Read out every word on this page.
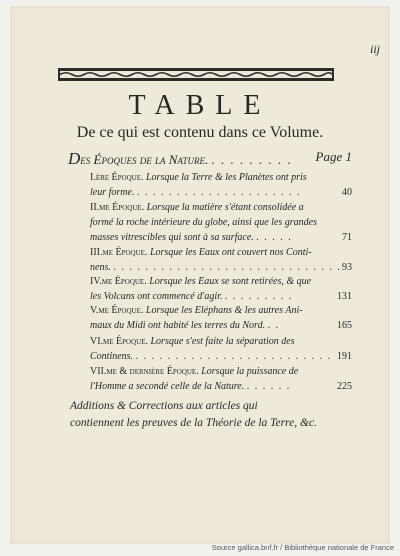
iij
TABLE
De ce qui est contenu dans ce Volume.
Des Époques de la Nature. . . . . . . . . . Page 1
I.ère Époque. Lorsque la Terre & les Planètes ont pris
leur forme. . . . . . . . . . . . . . . . . . . . . .	40
II.me Époque. Lorsque la matière s'étant consolidée a
formé la roche intérieure du globe, ainsi que les grandes
masses vitrescibles qui sont à sa surface. . . . . .	71
III.me Époque. Lorsque les Eaux ont couvert nos Conti-
nens. . . . . . . . . . . . . . . . . . . . . . . . . . . . . . 93
IV.me Époque. Lorsque les Eaux se sont retirées, & que
les Volcans ont commencé d'agir. . . . . . . . . .	131
V.me Époque. Lorsque les Eléphans & les autres Ani-
maux du Midi ont habité les terres du Nord. . .	165
VI.me Époque. Lorsque s'est faite la séparation des
Continens. . . . . . . . . . . . . . . . . . . . . . . . . . 191
VII.me & dernière Époque. Lorsque la puissance de
l'Homme a secondé celle de la Nature. . . . . . .	225
Additions & Corrections aux articles qui
contiennent les preuves de la Théorie de la Terre, &c.
Source gallica.bnf.fr / Bibliothèque nationale de France
